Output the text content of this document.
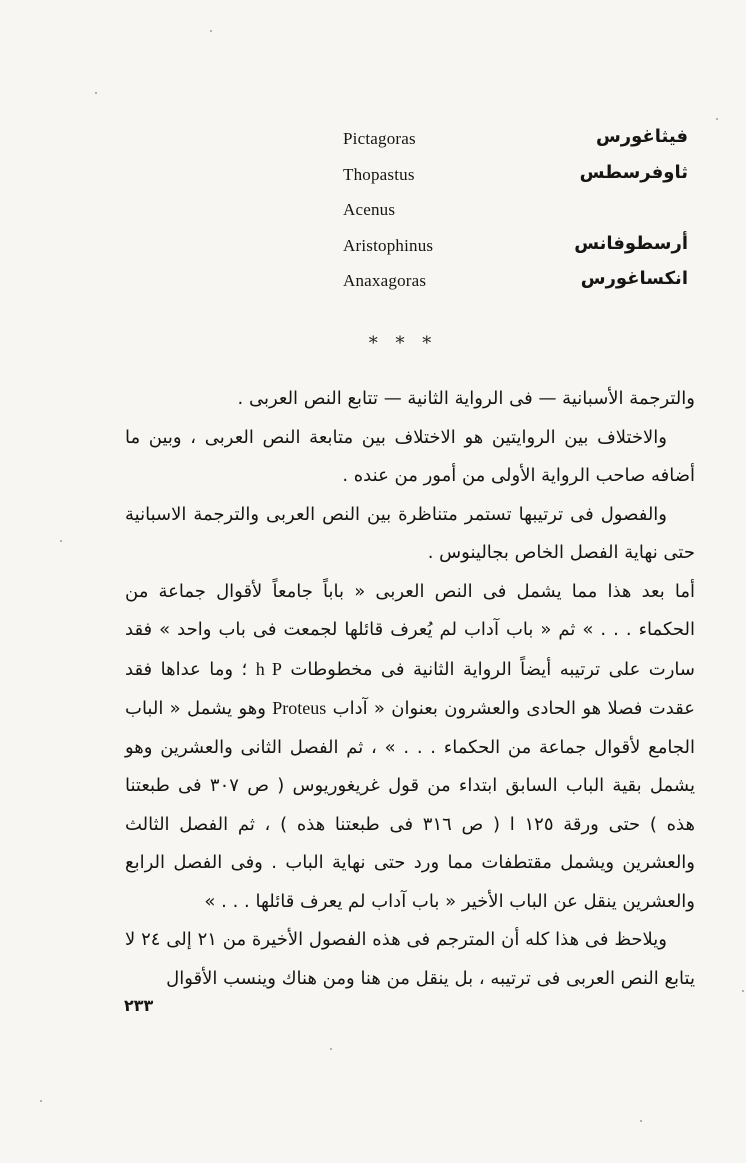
Pictagoras	فيثاغورس
Thopastus	ثاوفرسطس
Acenus
Aristophinus	أرسطوفانس
Anaxagoras	انكساغورس
* * *

والترجمة الأسبانية — فى الرواية الثانية — تتابع النص العربى .

والاختلاف بين الروايتين هو الاختلاف بين متابعة النص العربى ، وبين ما أضافه صاحب الرواية الأولى من أمور من عنده .

والفصول فى ترتيبها تستمر متناظرة بين النص العربى والترجمة الاسبانية حتى نهاية الفصل الخاص بجالينوس .

أما بعد هذا مما يشمل فى النص العربى « باباً جامعاً لأقوال جماعة من الحكماء . . . » ثم « باب آداب لم يُعرف قائلها لجمعت فى باب واحد » فقد سارت على ترتيبه أيضاً الرواية الثانية فى مخطوطات h P ؛ وما عداها فقد عقدت فصلا هو الحادى والعشرون بعنوان « آداب Proteus وهو يشمل « الباب الجامع لأقوال جماعة من الحكماء . . . » ، ثم الفصل الثانى والعشرين وهو يشمل بقية الباب السابق ابتداء من قول غريغوريوس ( ص ٣٠٧ فى طبعتنا هذه ) حتى ورقة ١٢٥ ا ( ص ٣١٦ فى طبعتنا هذه ) ، ثم الفصل الثالث والعشرين ويشمل مقتطفات مما ورد حتى نهاية الباب . وفى الفصل الرابع والعشرين ينقل عن الباب الأخير « باب آداب لم يعرف قائلها . . . »

ويلاحظ فى هذا كله أن المترجم فى هذه الفصول الأخيرة من ٢١ إلى ٢٤ لا يتابع النص العربى فى ترتيبه ، بل ينقل من هنا ومن هناك وينسب الأقوال

٢٣٣
